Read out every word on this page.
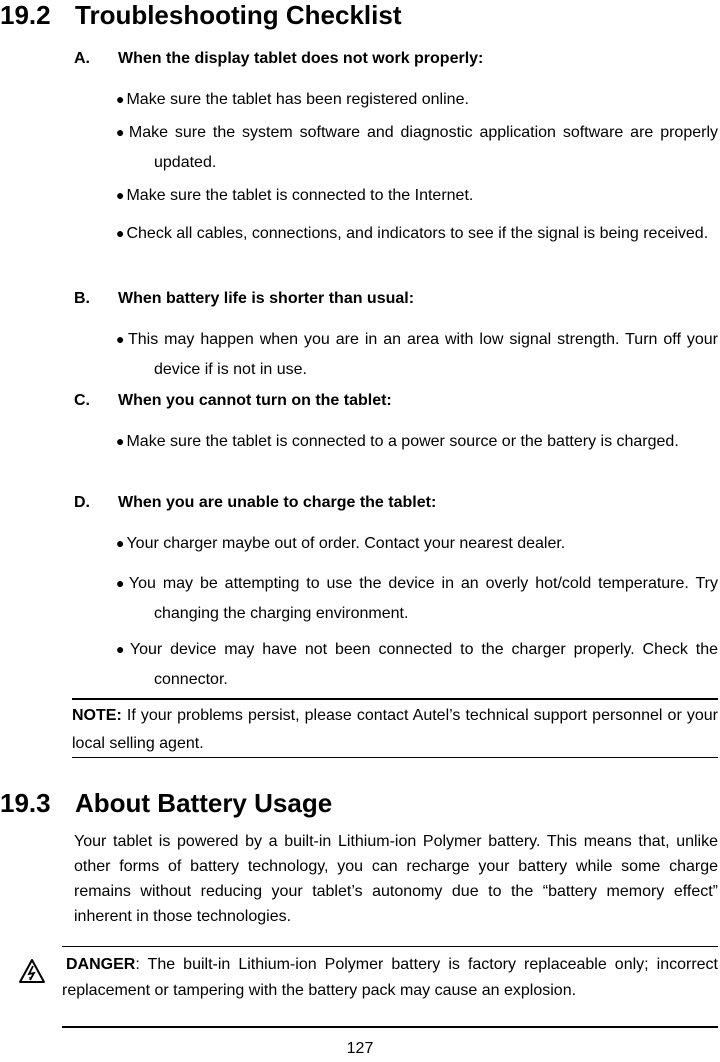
19.2 Troubleshooting Checklist
A. When the display tablet does not work properly:
● Make sure the tablet has been registered online.
● Make sure the system software and diagnostic application software are properly updated.
● Make sure the tablet is connected to the Internet.
● Check all cables, connections, and indicators to see if the signal is being received.
B. When battery life is shorter than usual:
● This may happen when you are in an area with low signal strength. Turn off your device if is not in use.
C. When you cannot turn on the tablet:
● Make sure the tablet is connected to a power source or the battery is charged.
D. When you are unable to charge the tablet:
● Your charger maybe out of order. Contact your nearest dealer.
● You may be attempting to use the device in an overly hot/cold temperature. Try changing the charging environment.
● Your device may have not been connected to the charger properly. Check the connector.
NOTE: If your problems persist, please contact Autel’s technical support personnel or your local selling agent.
19.3 About Battery Usage
Your tablet is powered by a built-in Lithium-ion Polymer battery. This means that, unlike other forms of battery technology, you can recharge your battery while some charge remains without reducing your tablet’s autonomy due to the “battery memory effect” inherent in those technologies.
DANGER: The built-in Lithium-ion Polymer battery is factory replaceable only; incorrect replacement or tampering with the battery pack may cause an explosion.
127
